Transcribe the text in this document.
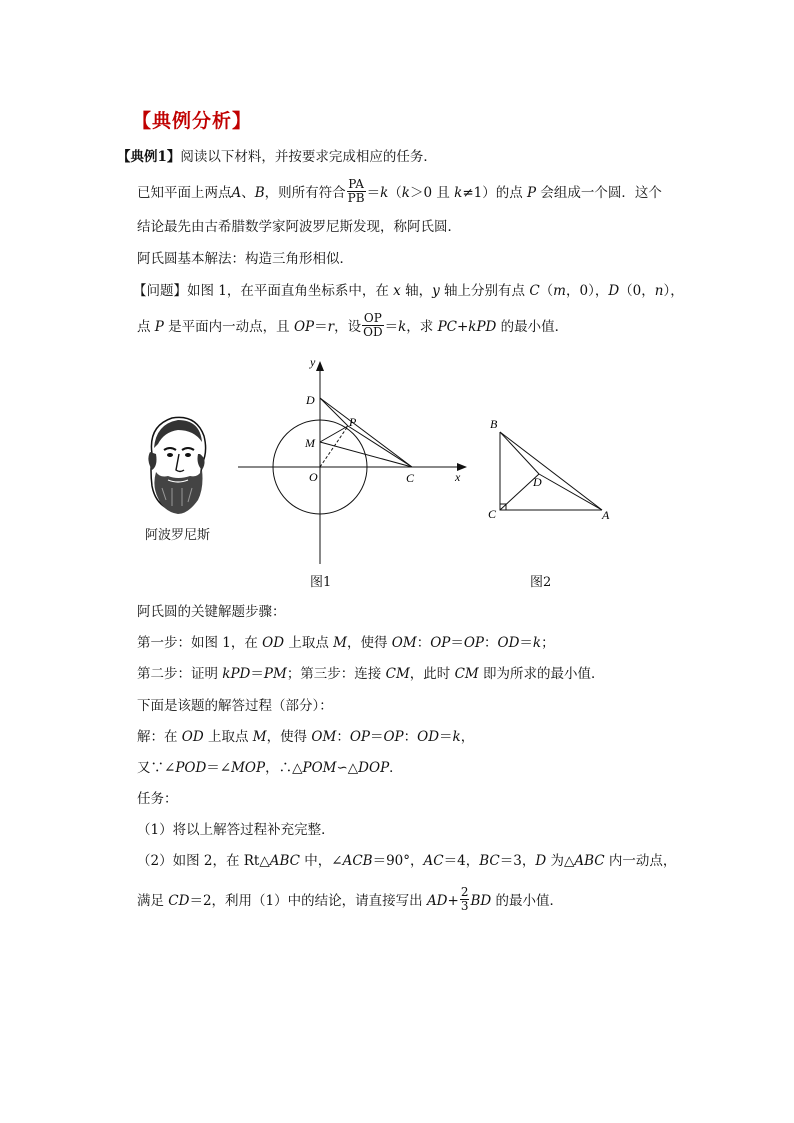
【典例分析】
【典例1】阅读以下材料，并按要求完成相应的任务．
已知平面上两点A、B，则所有符合 $\frac{PA}{PB} =k(k>0$ 且 k≠1）的点 P 会组成一个圆．这个
结论最先由古希腊数学家阿波罗尼斯发现，称阿氏圆．
阿氏圆基本解法：构造三角形相似．
【问题】如图 1，在平面直角坐标系中，在 x 轴，y 轴上分别有点 C（m，0），D（0，n），
点 P 是平面内一动点，且 OP＝r，设 $\frac{OP}{OD} =k$，求 PC+kPD 的最小值．
阿波罗尼斯
y
x
D
P
M
O	C
图1
B
D
C	A
图2
阿氏圆的关键解题步骤：
第一步：如图 1，在 OD 上取点 M，使得 OM：OP＝OP：OD＝k；
第二步：证明 kPD＝PM；第三步：连接 CM，此时 CM 即为所求的最小值．
下面是该题的解答过程（部分）：
解：在 OD 上取点 M，使得 OM：OP＝OP：OD＝k，
又∵∠POD＝∠MOP，∴△POM∽△DOP．
任务：
（1）将以上解答过程补充完整．
（2）如图 2，在 Rt△ABC 中，∠ACB＝90°，AC＝4，BC＝3，D 为△ABC 内一动点，
满足 CD＝2，利用（1）中的结论，请直接写出 $AD+ \frac{2}{3}$ BD 的最小值．
